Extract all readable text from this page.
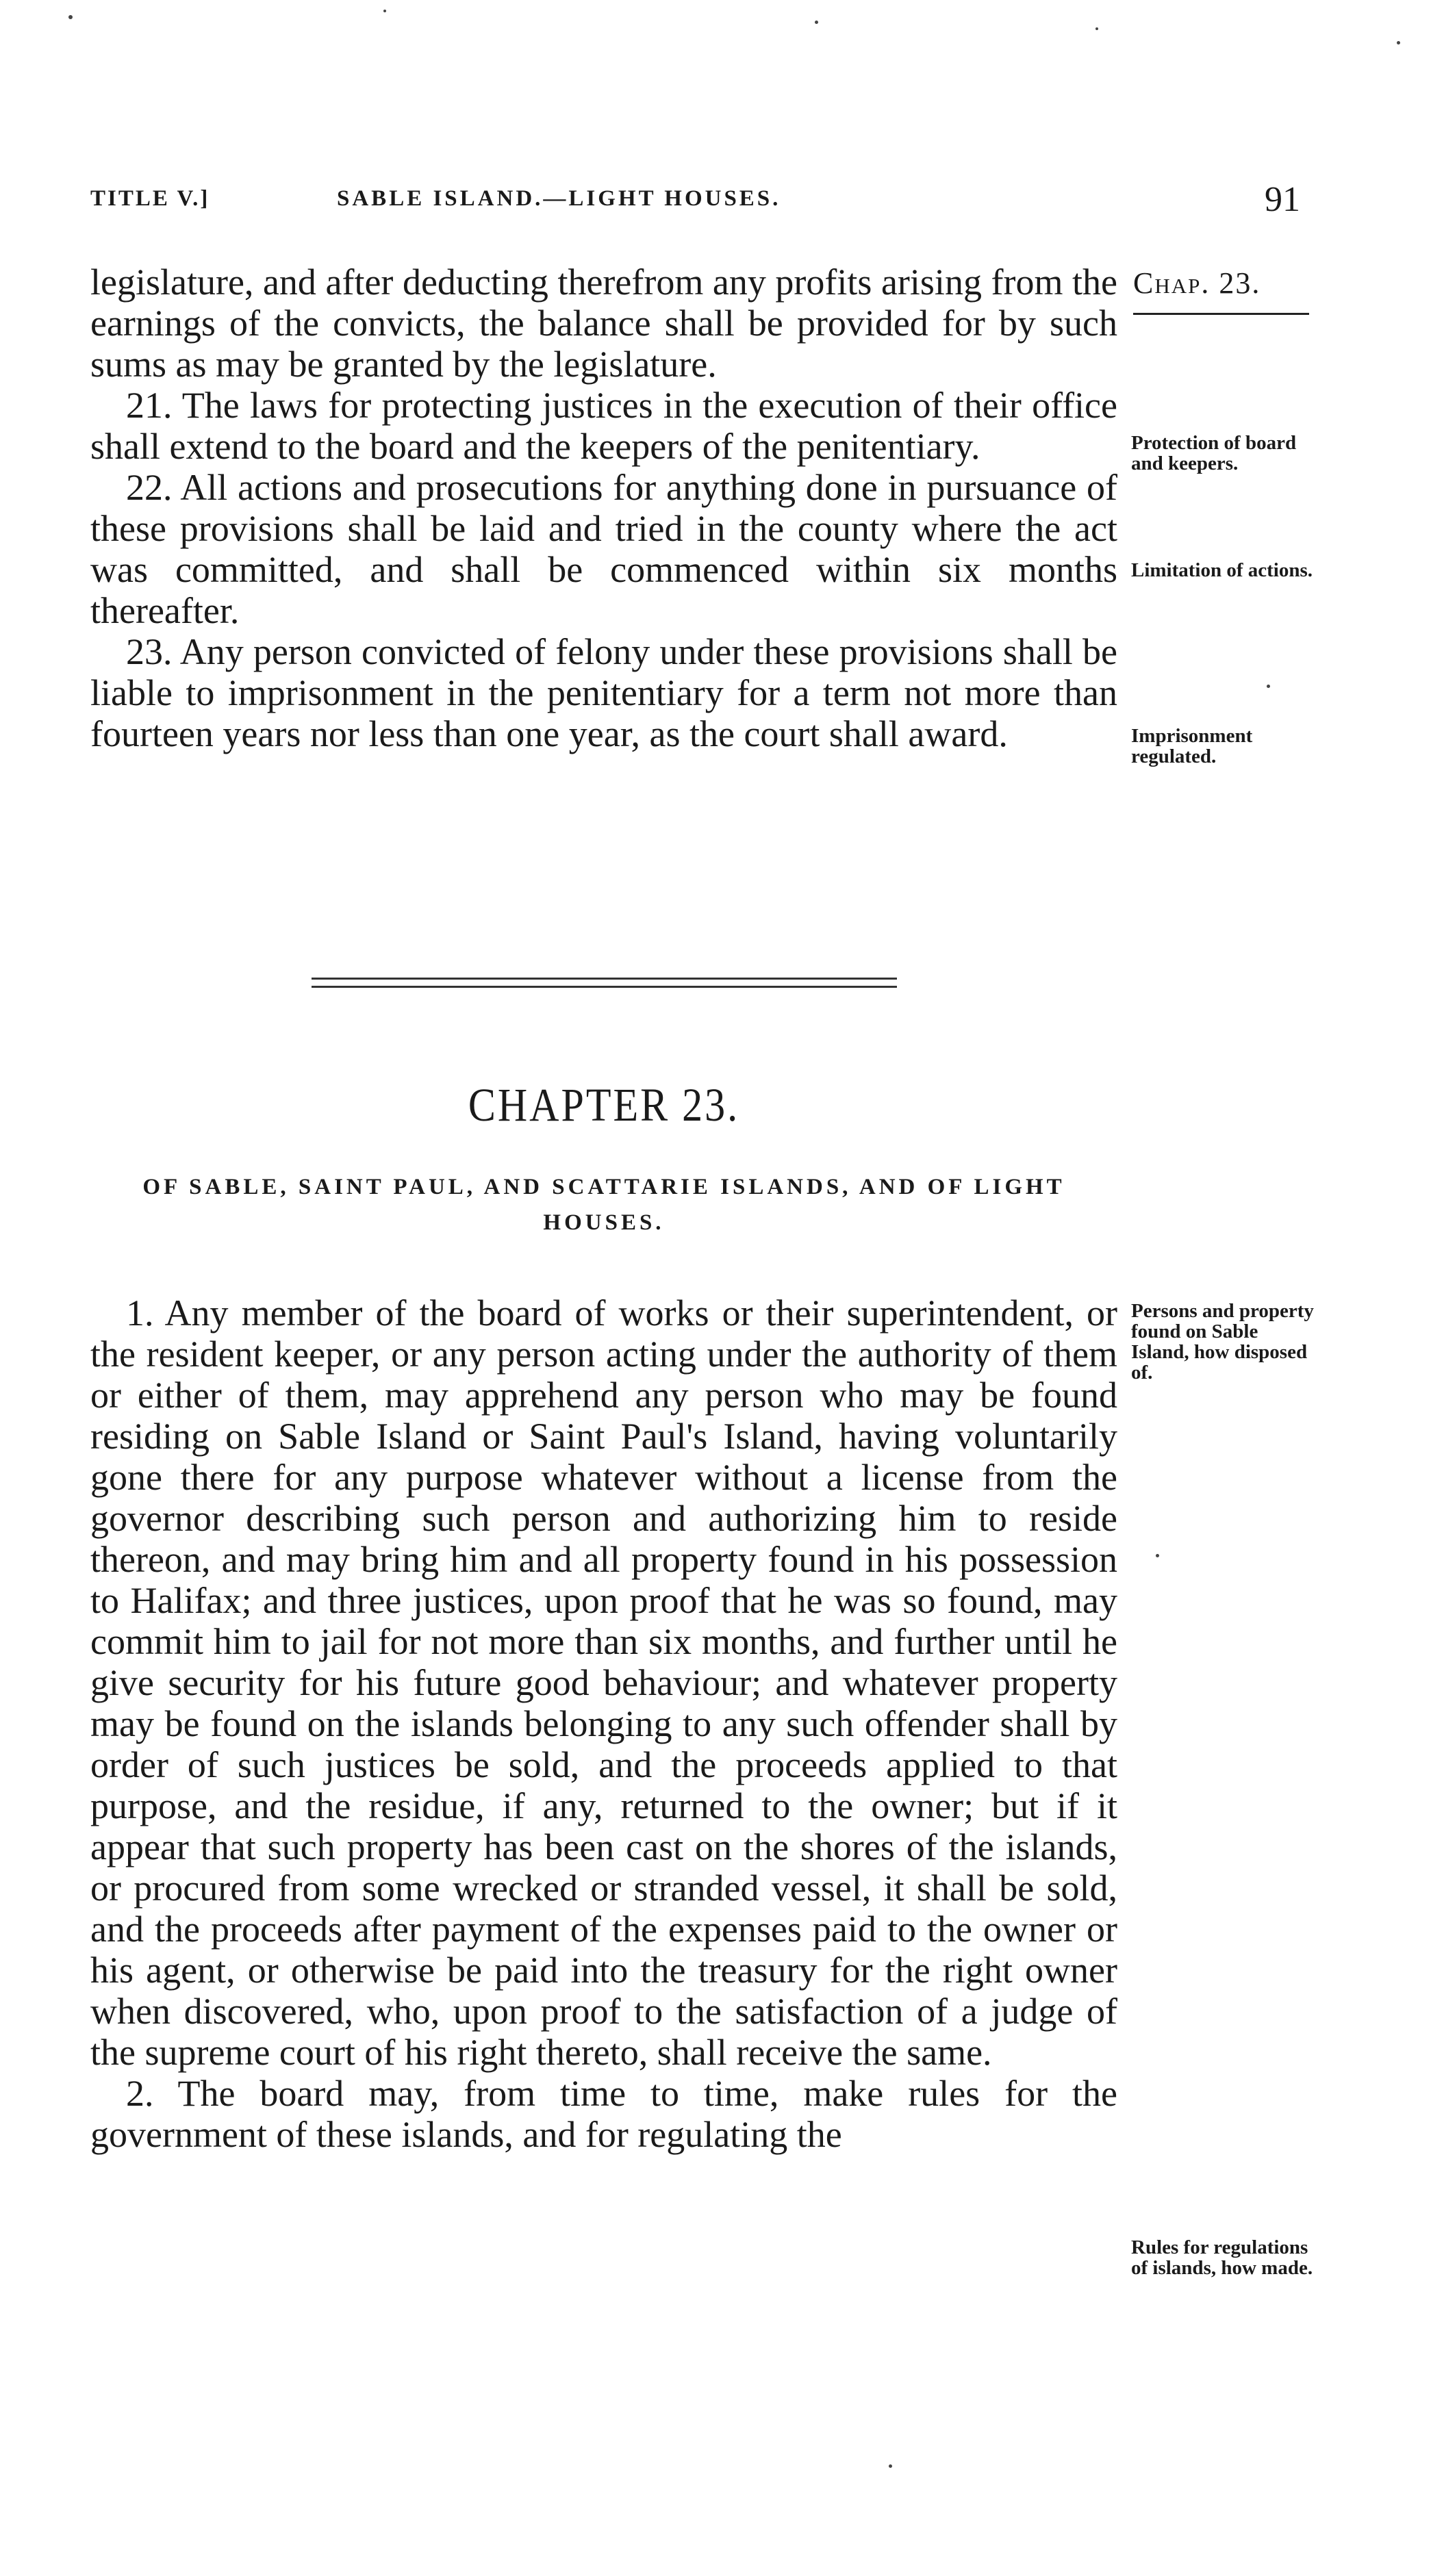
TITLE V.]	SABLE ISLAND.—LIGHT HOUSES.	91
Chap. 23.

legislature, and after deducting therefrom any profits arising from the earnings of the convicts, the balance shall be provided for by such sums as may be granted by the legislature.

21. The laws for protecting justices in the execution of their office shall extend to the board and the keepers of the penitentiary.

22. All actions and prosecutions for anything done in pursuance of these provisions shall be laid and tried in the county where the act was committed, and shall be commenced within six months thereafter.

23. Any person convicted of felony under these provisions shall be liable to imprisonment in the penitentiary for a term not more than fourteen years nor less than one year, as the court shall award.

Protection of board and keepers.
Limitation of actions.
Imprisonment regulated.
CHAPTER 23.
OF SABLE, SAINT PAUL, AND SCATTARIE ISLANDS, AND OF LIGHT HOUSES.

1. Any member of the board of works or their superintendent, or the resident keeper, or any person acting under the authority of them or either of them, may apprehend any person who may be found residing on Sable Island or Saint Paul's Island, having voluntarily gone there for any purpose whatever without a license from the governor describing such person and authorizing him to reside thereon, and may bring him and all property found in his possession to Halifax; and three justices, upon proof that he was so found, may commit him to jail for not more than six months, and further until he give security for his future good behaviour; and whatever property may be found on the islands belonging to any such offender shall by order of such justices be sold, and the proceeds applied to that purpose, and the residue, if any, returned to the owner; but if it appear that such property has been cast on the shores of the islands, or procured from some wrecked or stranded vessel, it shall be sold, and the proceeds after payment of the expenses paid to the owner or his agent, or otherwise be paid into the treasury for the right owner when discovered, who, upon proof to the satisfaction of a judge of the supreme court of his right thereto, shall receive the same.

2. The board may, from time to time, make rules for the government of these islands, and for regulating the

Persons and property found on Sable Island, how disposed of.
Rules for regulations of islands, how made.
